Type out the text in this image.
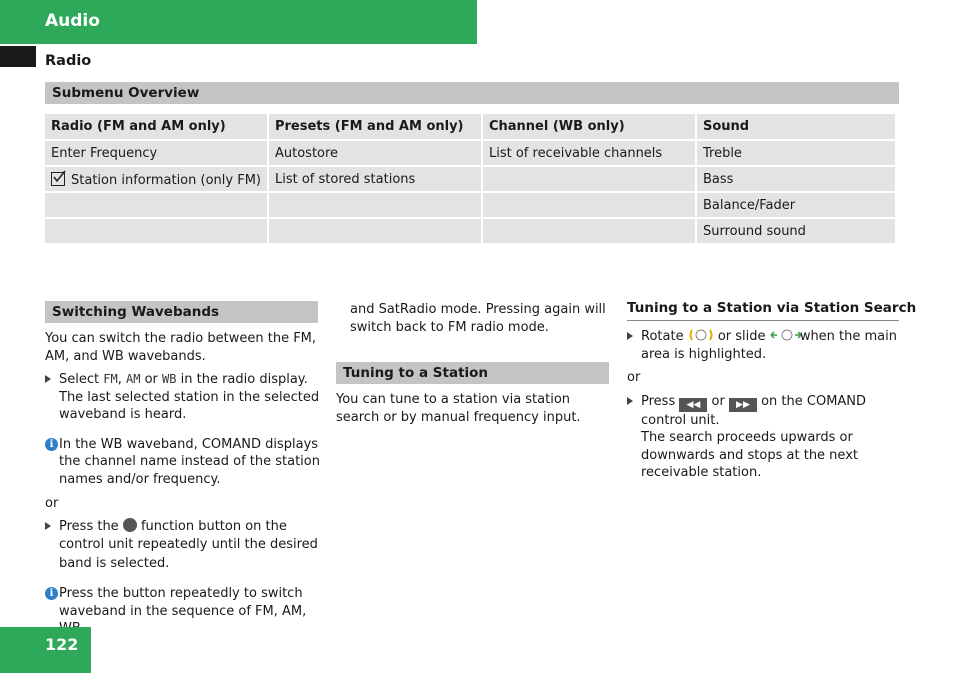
Audio
Radio
Submenu Overview
Radio (FM and AM only)	Presets (FM and AM only)	Channel (WB only)	Sound
Enter Frequency	Autostore	List of receivable channels	Treble

Station information (only FM)	List of stored stations		Bass
			Balance/Fader
			Surround sound
Switching Wavebands

You can switch the radio between the FM, AM, and WB wavebands.

Select FM, AM or WB in the radio display. The last selected station in the selected waveband is heard.
i In the WB waveband, COMAND displays the channel name instead of the station names and/or frequency.

or

Press the function button on the control unit repeatedly until the desired band is selected.
i Press the button repeatedly to switch waveband in the sequence of FM, AM,
and SatRadio mode. Pressing again will switch back to FM radio mode.
Tuning to a Station
You can tune to a station via station search or by manual frequency input.
Tuning to a Station via Station Search
Rotate	or slide	when the main area is highlighted.

or

Press ◀◀ or ▶▶ on the COMAND control unit.
The search proceeds upwards or downwards and stops at the next receivable station.
122
